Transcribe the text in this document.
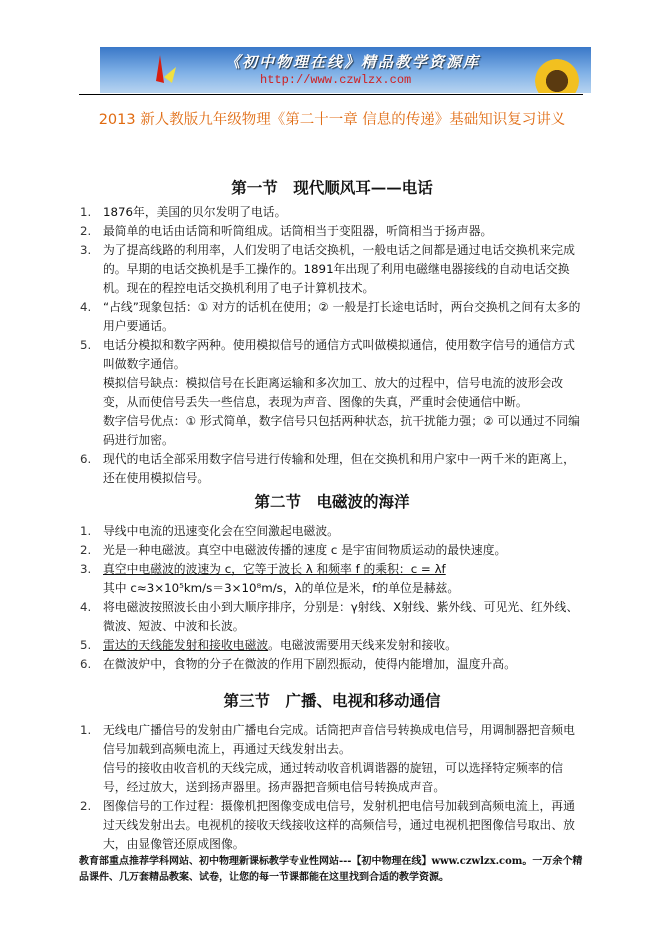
《初中物理在线》精品教学资源库
http://www.czwlzx.com
2013 新人教版九年级物理《第二十一章 信息的传递》基础知识复习讲义
第一节　现代顺风耳——电话
1. 1876年，美国的贝尔发明了电话。
2. 最简单的电话由话筒和听筒组成。话筒相当于变阻器，听筒相当于扬声器。
3. 为了提高线路的利用率，人们发明了电话交换机，一般电话之间都是通过电话交换机来完成的。早期的电话交换机是手工操作的。1891年出现了利用电磁继电器接线的自动电话交换机。现在的程控电话交换机利用了电子计算机技术。
4. “占线”现象包括：① 对方的话机在使用；② 一般是打长途电话时，两台交换机之间有太多的用户要通话。
5. 电话分模拟和数字两种。使用模拟信号的通信方式叫做模拟通信，使用数字信号的通信方式叫做数字通信。
模拟信号缺点：模拟信号在长距离运输和多次加工、放大的过程中，信号电流的波形会改变，从而使信号丢失一些信息，表现为声音、图像的失真，严重时会使通信中断。
数字信号优点：① 形式简单，数字信号只包括两种状态，抗干扰能力强；② 可以通过不同编码进行加密。
6. 现代的电话全部采用数字信号进行传输和处理，但在交换机和用户家中一两千米的距离上，还在使用模拟信号。
第二节　电磁波的海洋
1. 导线中电流的迅速变化会在空间激起电磁波。
2. 光是一种电磁波。真空中电磁波传播的速度 c 是宇宙间物质运动的最快速度。
3. 真空中电磁波的波速为 c，它等于波长 λ 和频率 f 的乘积：c = λf
其中 c≈3×10⁵km/s＝3×10⁸m/s，λ的单位是米，f的单位是赫兹。
4. 将电磁波按照波长由小到大顺序排序，分别是：γ射线、X射线、紫外线、可见光、红外线、微波、短波、中波和长波。
5. 雷达的天线能发射和接收电磁波。电磁波需要用天线来发射和接收。
6. 在微波炉中，食物的分子在微波的作用下剧烈振动，使得内能增加，温度升高。
第三节　广播、电视和移动通信
1. 无线电广播信号的发射由广播电台完成。话筒把声音信号转换成电信号，用调制器把音频电信号加载到高频电流上，再通过天线发射出去。
信号的接收由收音机的天线完成，通过转动收音机调谐器的旋钮，可以选择特定频率的信号，经过放大，送到扬声器里。扬声器把音频电信号转换成声音。
2. 图像信号的工作过程：摄像机把图像变成电信号，发射机把电信号加载到高频电流上，再通过天线发射出去。电视机的接收天线接收这样的高频信号，通过电视机把图像信号取出、放大，由显像管还原成图像。
教育部重点推荐学科网站、初中物理新课标教学专业性网站---【初中物理在线】www.czwlzx.com。一万余个精品课件、几万套精品教案、试卷，让您的每一节课都能在这里找到合适的教学资源。
